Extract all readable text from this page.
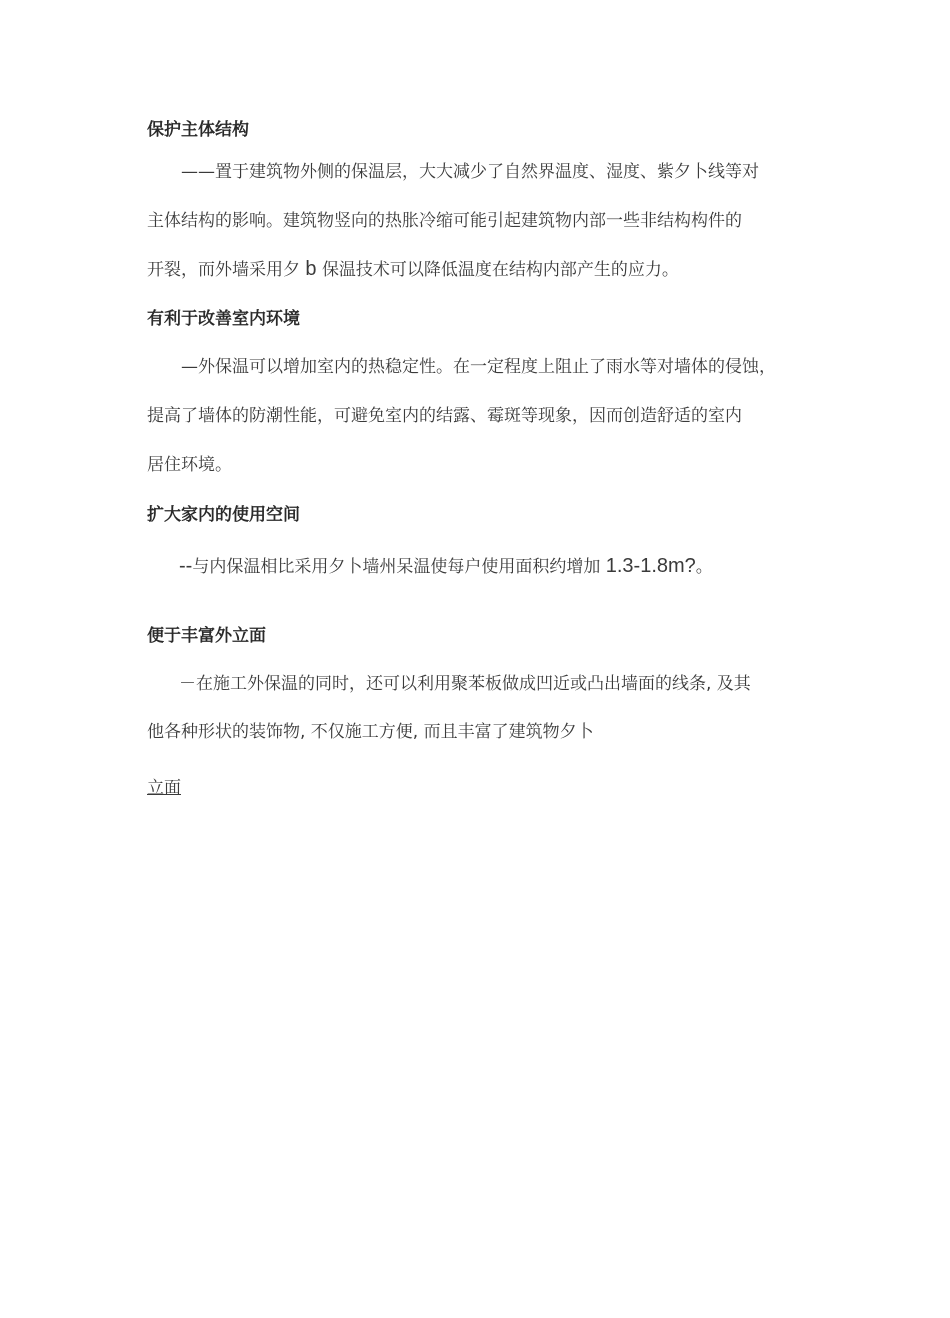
保护主体结构
——置于建筑物外侧的保温层，大大减少了自然界温度、湿度、紫夕卜线等对
主体结构的影响。建筑物竖向的热胀冷缩可能引起建筑物内部一些非结构构件的
开裂，而外墙采用夕 b 保温技术可以降低温度在结构内部产生的应力。
有利于改善室内环境
—外保温可以增加室内的热稳定性。在一定程度上阻止了雨水等对墙体的侵蚀，
提高了墙体的防潮性能，可避免室内的结露、霉斑等现象，因而创造舒适的室内
居住环境。
扩大家内的使用空间
--与内保温相比采用夕卜墙州呆温使每户使用面积约增加 1.3-1.8m?。
便于丰富外立面
－在施工外保温的同时，还可以利用聚苯板做成凹近或凸出墙面的线条, 及其
他各种形状的装饰物, 不仅施工方便, 而且丰富了建筑物夕卜
立面
